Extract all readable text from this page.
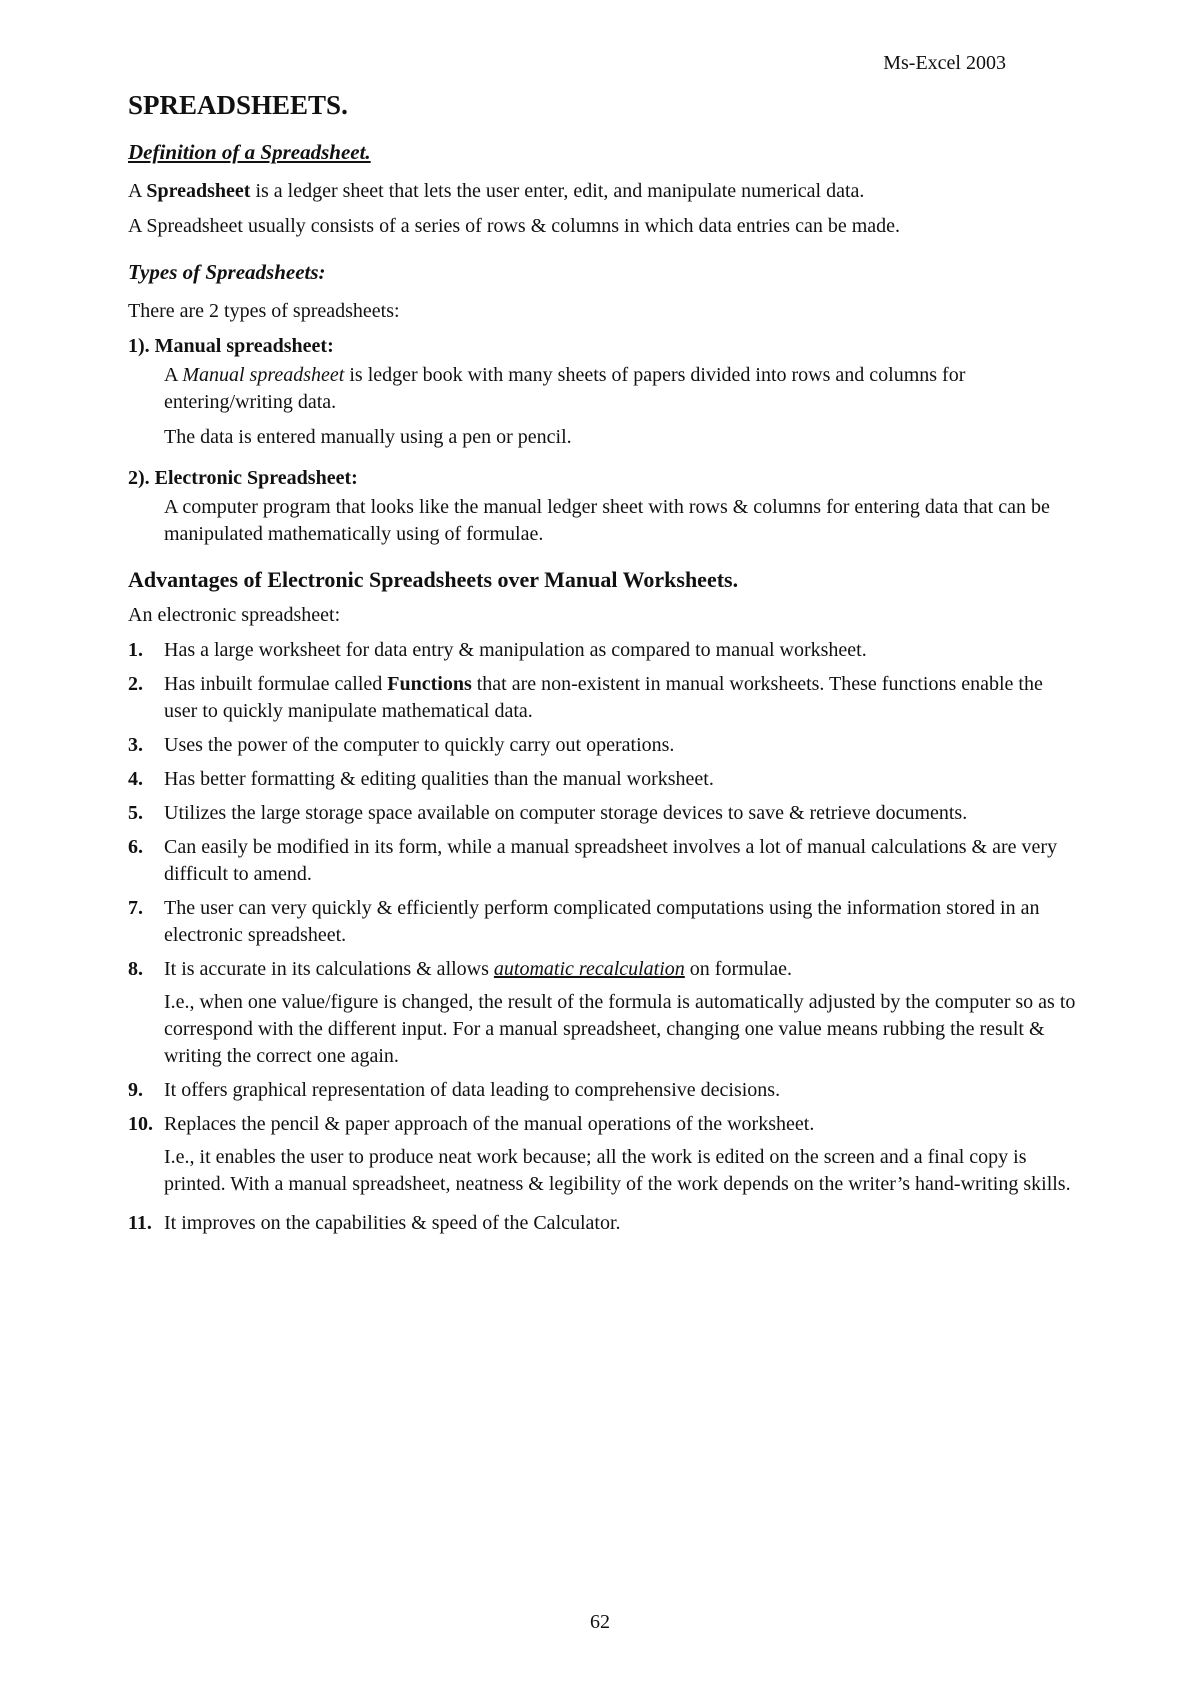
Ms-Excel 2003
SPREADSHEETS.
Definition of a Spreadsheet.

A Spreadsheet is a ledger sheet that lets the user enter, edit, and manipulate numerical data.

A Spreadsheet usually consists of a series of rows & columns in which data entries can be made.

Types of Spreadsheets:

There are 2 types of spreadsheets:

1). Manual spreadsheet:

A Manual spreadsheet is ledger book with many sheets of papers divided into rows and columns for entering/writing data.

The data is entered manually using a pen or pencil.

2). Electronic Spreadsheet:

A computer program that looks like the manual ledger sheet with rows & columns for entering data that can be manipulated mathematically using of formulae.

Advantages of Electronic Spreadsheets over Manual Worksheets.

An electronic spreadsheet:

1. Has a large worksheet for data entry & manipulation as compared to manual worksheet.
2. Has inbuilt formulae called Functions that are non-existent in manual worksheets. These functions enable the user to quickly manipulate mathematical data.
3. Uses the power of the computer to quickly carry out operations.
4. Has better formatting & editing qualities than the manual worksheet.
5. Utilizes the large storage space available on computer storage devices to save & retrieve documents.
6. Can easily be modified in its form, while a manual spreadsheet involves a lot of manual calculations & are very difficult to amend.
7. The user can very quickly & efficiently perform complicated computations using the information stored in an electronic spreadsheet.
8. It is accurate in its calculations & allows automatic recalculation on formulae.
I.e., when one value/figure is changed, the result of the formula is automatically adjusted by the computer so as to correspond with the different input. For a manual spreadsheet, changing one value means rubbing the result & writing the correct one again.
9. It offers graphical representation of data leading to comprehensive decisions.
10. Replaces the pencil & paper approach of the manual operations of the worksheet.
I.e., it enables the user to produce neat work because; all the work is edited on the screen and a final copy is printed. With a manual spreadsheet, neatness & legibility of the work depends on the writer’s hand-writing skills.
11. It improves on the capabilities & speed of the Calculator.
62
